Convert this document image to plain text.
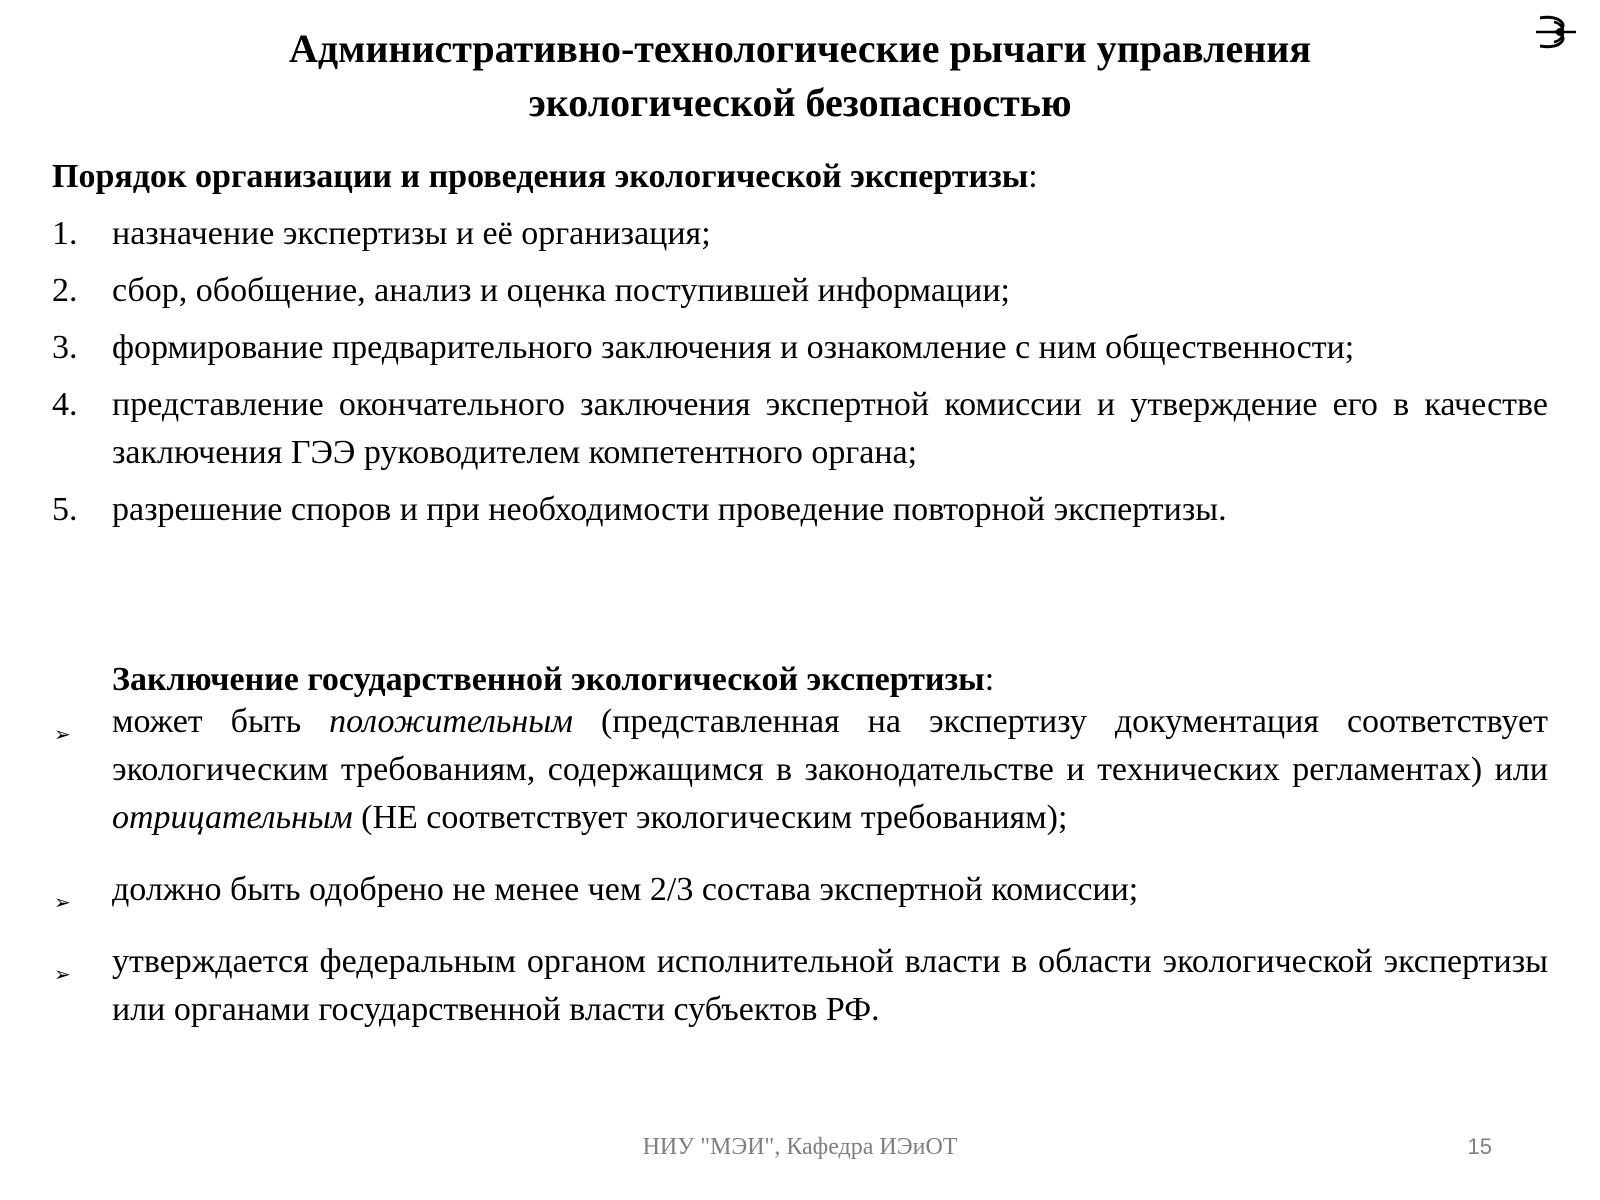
Административно-технологические рычаги управления
экологической безопасностью
Порядок организации и проведения экологической экспертизы:
1. назначение экспертизы и её организация;
2. сбор, обобщение, анализ и оценка поступившей информации;
3. формирование предварительного заключения и ознакомление с ним общественности;
4. представление окончательного заключения экспертной комиссии и утверждение его в качестве заключения ГЭЭ руководителем компетентного органа;
5. разрешение споров и при необходимости проведение повторной экспертизы.
Заключение государственной экологической экспертизы:
➢ может быть положительным (представленная на экспертизу документация соответствует экологическим требованиям, содержащимся в законодательстве и технических регламентах) или отрицательным (НЕ соответствует экологическим требованиям);
➢ должно быть одобрено не менее чем 2/3 состава экспертной комиссии;
➢ утверждается федеральным органом исполнительной власти в области экологической экспертизы или органами государственной власти субъектов РФ.
НИУ "МЭИ", Кафедра ИЭиОТ	15
